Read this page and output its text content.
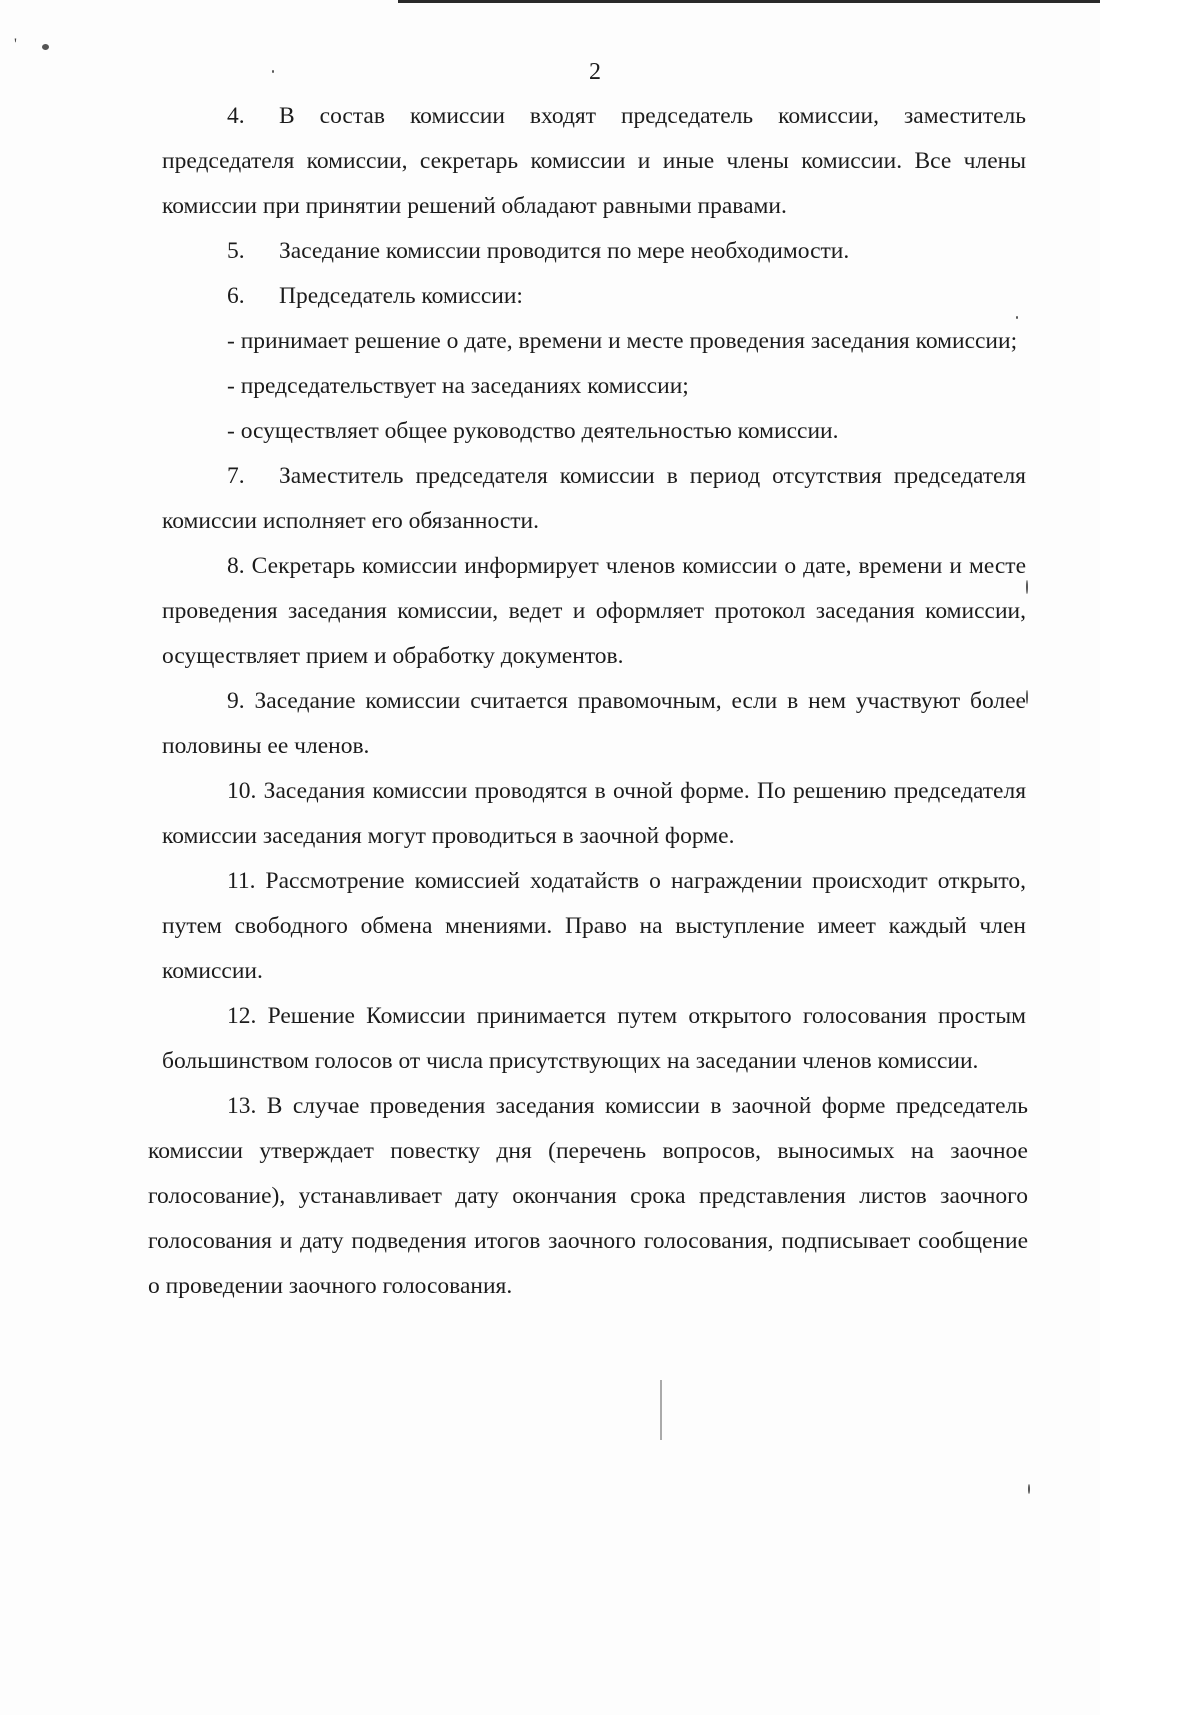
'
2

4. В состав комиссии входят председатель комиссии, заместитель председателя комиссии, секретарь комиссии и иные члены комиссии. Все члены комиссии при принятии решений обладают равными правами.

5. Заседание комиссии проводится по мере необходимости.

6. Председатель комиссии:

- принимает решение о дате, времени и месте проведения заседания комиссии;

- председательствует на заседаниях комиссии;

- осуществляет общее руководство деятельностью комиссии.

7. Заместитель председателя комиссии в период отсутствия председателя комиссии исполняет его обязанности.

8. Секретарь комиссии информирует членов комиссии о дате, времени и месте проведения заседания комиссии, ведет и оформляет протокол заседания комиссии, осуществляет прием и обработку документов.

9. Заседание комиссии считается правомочным, если в нем участвуют более половины ее членов.

10. Заседания комиссии проводятся в очной форме. По решению председателя комиссии заседания могут проводиться в заочной форме.

11. Рассмотрение комиссией ходатайств о награждении происходит открыто, путем свободного обмена мнениями. Право на выступление имеет каждый член комиссии.

12. Решение Комиссии принимается путем открытого голосования простым большинством голосов от числа присутствующих на заседании членов комиссии.

13. В случае проведения заседания комиссии в заочной форме председатель комиссии утверждает повестку дня (перечень вопросов, выносимых на заочное голосование), устанавливает дату окончания срока представления листов заочного голосования и дату подведения итогов заочного голосования, подписывает сообщение о проведении заочного голосования.
